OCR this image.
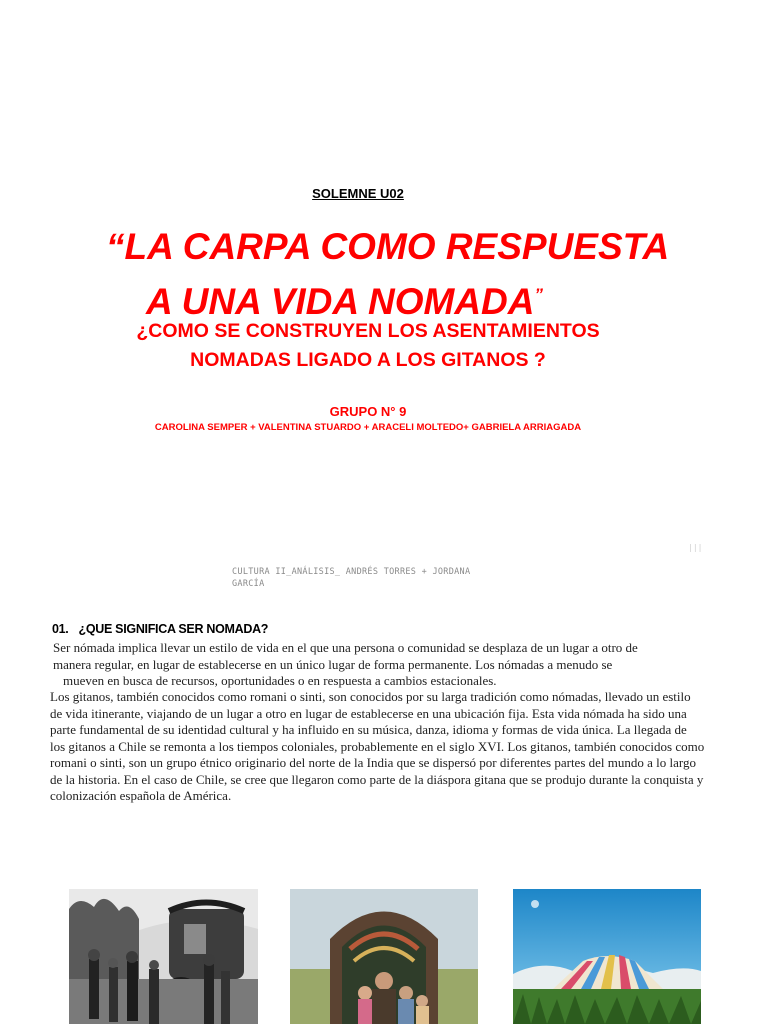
SOLEMNE U02
“LA CARPA COMO RESPUESTA
A UNA VIDA NOMADA”
¿COMO SE CONSTRUYEN LOS ASENTAMIENTOS
NOMADAS LIGADO A LOS GITANOS ?
GRUPO N° 9
CAROLINA SEMPER + VALENTINA STUARDO + ARACELI MOLTEDO+ GABRIELA ARRIAGADA
|||
CULTURA II_ANÁLISIS_ ANDRÉS TORRES + JORDANA GARCÍA
01. ¿QUE SIGNIFICA SER NOMADA?
Ser nómada implica llevar un estilo de vida en el que una persona o comunidad se desplaza de un lugar a otro de
manera regular, en lugar de establecerse en un único lugar de forma permanente. Los nómadas a menudo se
mueven en busca de recursos, oportunidades o en respuesta a cambios estacionales.
Los gitanos, también conocidos como romani o sinti, son conocidos por su larga tradición como nómadas, llevado un estilo de vida itinerante, viajando de un lugar a otro en lugar de establecerse en una ubicación fija. Esta vida nómada ha sido una parte fundamental de su identidad cultural y ha influido en su música, danza, idioma y formas de vida única. La llegada de los gitanos a Chile se remonta a los tiempos coloniales, probablemente en el siglo XVI. Los gitanos, también conocidos como romani o sinti, son un grupo étnico originario del norte de la India que se dispersó por diferentes partes del mundo a lo largo de la historia. En el caso de Chile, se cree que llegaron como parte de la diáspora gitana que se produjo durante la conquista y colonización española de América.
